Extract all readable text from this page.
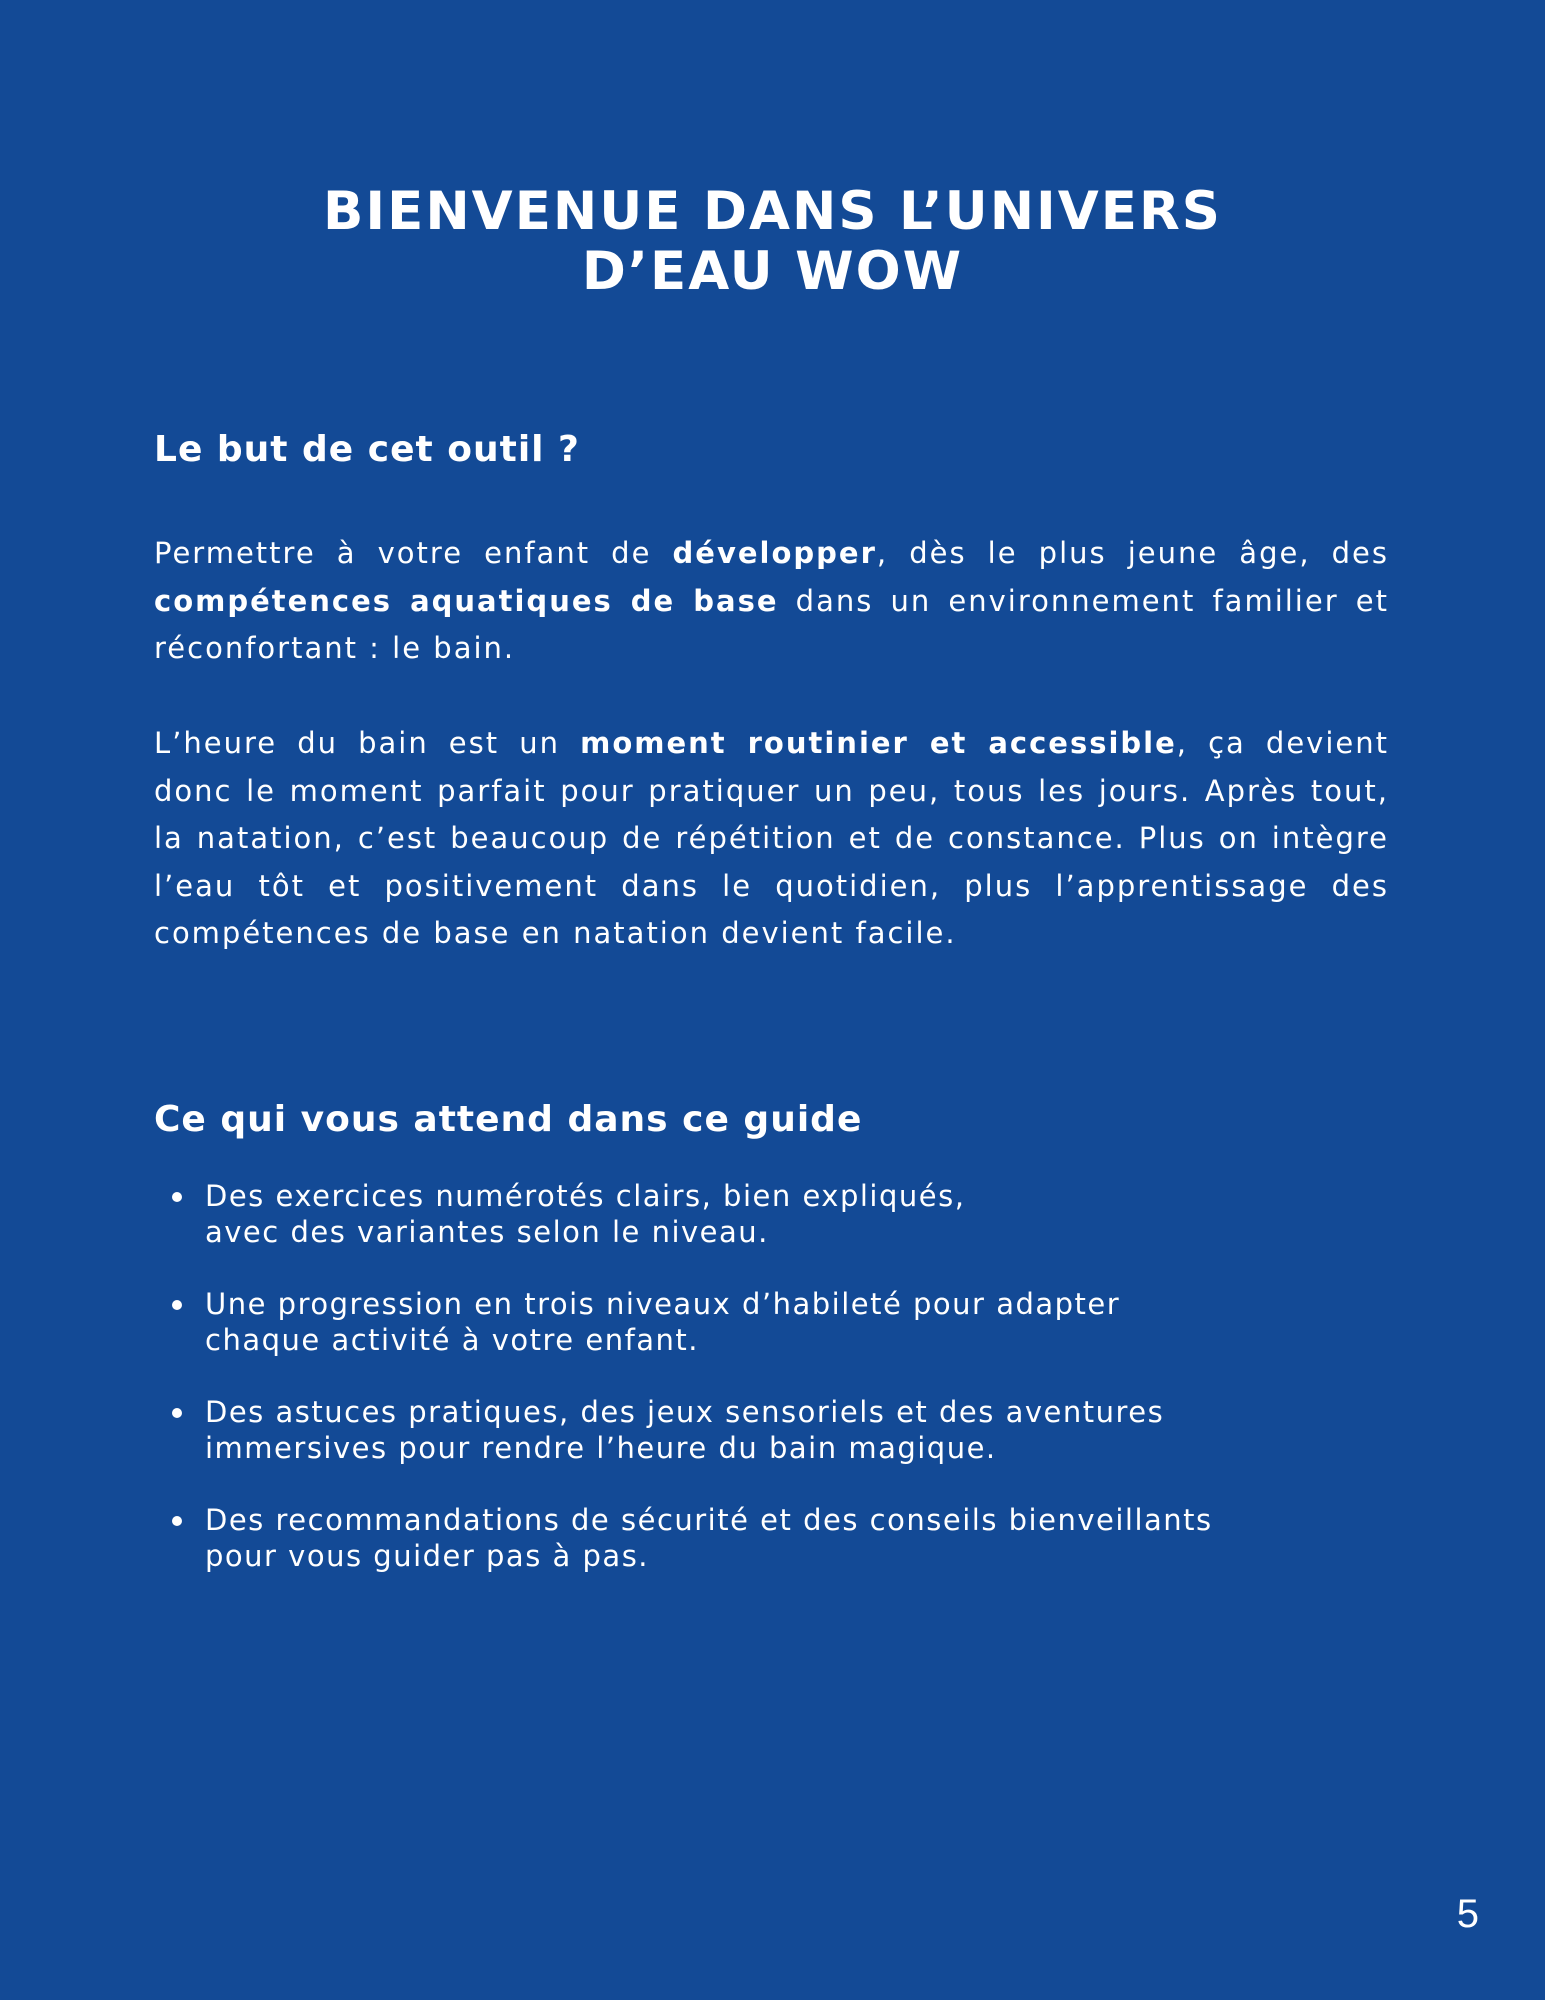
BIENVENUE DANS L’UNIVERS
D’EAU WOW
Le but de cet outil ?

Permettre à votre enfant de développer, dès le plus jeune âge, des compétences aquatiques de base dans un environnement familier et réconfortant : le bain.

L’heure du bain est un moment routinier et accessible, ça devient donc le moment parfait pour pratiquer un peu, tous les jours. Après tout, la natation, c’est beaucoup de répétition et de constance. Plus on intègre l’eau tôt et positivement dans le quotidien, plus l’apprentissage des compétences de base en natation devient facile.

Ce qui vous attend dans ce guide
Des exercices numérotés clairs, bien expliqués,
avec des variantes selon le niveau.
Une progression en trois niveaux d’habileté pour adapter
chaque activité à votre enfant.
Des astuces pratiques, des jeux sensoriels et des aventures
immersives pour rendre l’heure du bain magique.
Des recommandations de sécurité et des conseils bienveillants
pour vous guider pas à pas.
5
